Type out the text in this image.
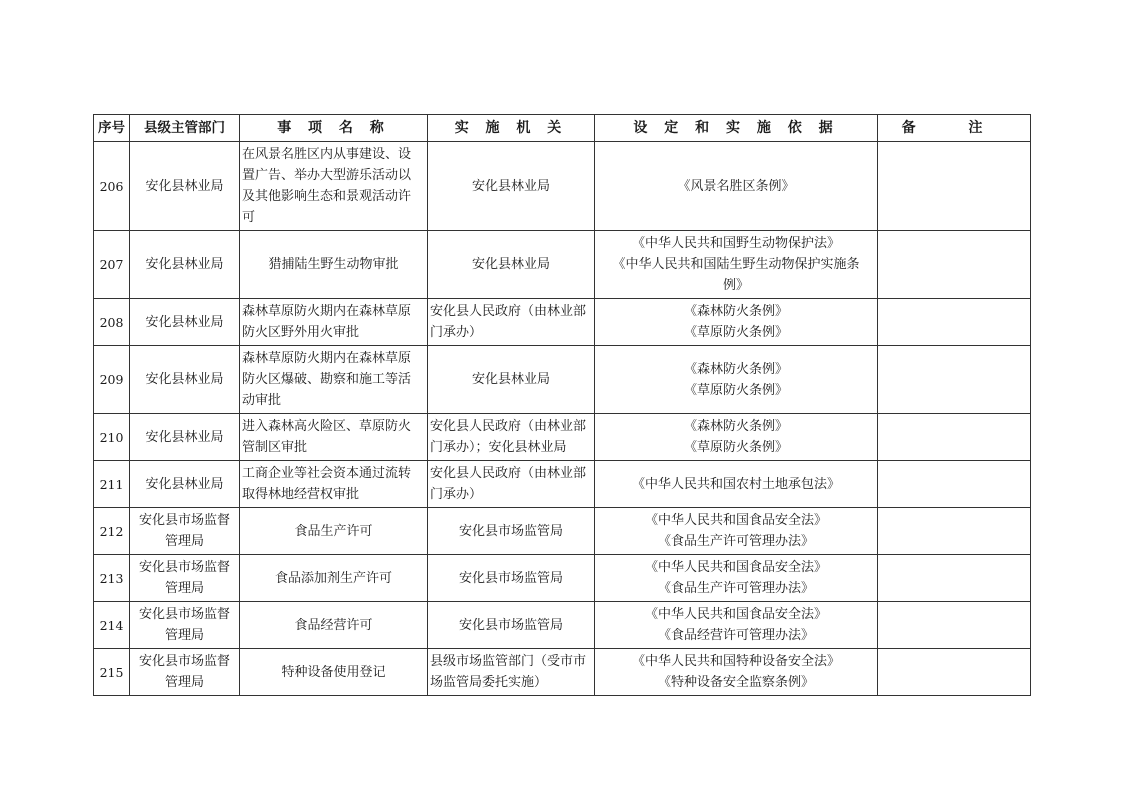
序号	县级主管部门	事 项 名 称	实 施 机 关	设 定 和 实 施 依 据	备 注
206	安化县林业局	在风景名胜区内从事建设、设
置广告、举办大型游乐活动以
及其他影响生态和景观活动许
可	安化县林业局	《风景名胜区条例》	

207	安化县林业局	猎捕陆生野生动物审批	安化县林业局	《中华人民共和国野生动物保护法》
《中华人民共和国陆生野生动物保护实施条
例》	

208	安化县林业局	森林草原防火期内在森林草原
防火区野外用火审批	安化县人民政府（由林业部
门承办）	《森林防火条例》
《草原防火条例》	

209	安化县林业局	森林草原防火期内在森林草原
防火区爆破、勘察和施工等活
动审批	安化县林业局	《森林防火条例》
《草原防火条例》	

210	安化县林业局	进入森林高火险区、草原防火
管制区审批	安化县人民政府（由林业部
门承办）；安化县林业局	《森林防火条例》
《草原防火条例》	

211	安化县林业局	工商企业等社会资本通过流转
取得林地经营权审批	安化县人民政府（由林业部
门承办）	《中华人民共和国农村土地承包法》	

212	安化县市场监督
管理局	食品生产许可	安化县市场监管局	《中华人民共和国食品安全法》
《食品生产许可管理办法》	

213	安化县市场监督
管理局	食品添加剂生产许可	安化县市场监管局	《中华人民共和国食品安全法》
《食品生产许可管理办法》	

214	安化县市场监督
管理局	食品经营许可	安化县市场监管局	《中华人民共和国食品安全法》
《食品经营许可管理办法》	

215	安化县市场监督
管理局	特种设备使用登记	县级市场监管部门（受市市
场监管局委托实施）	《中华人民共和国特种设备安全法》
《特种设备安全监察条例》	
